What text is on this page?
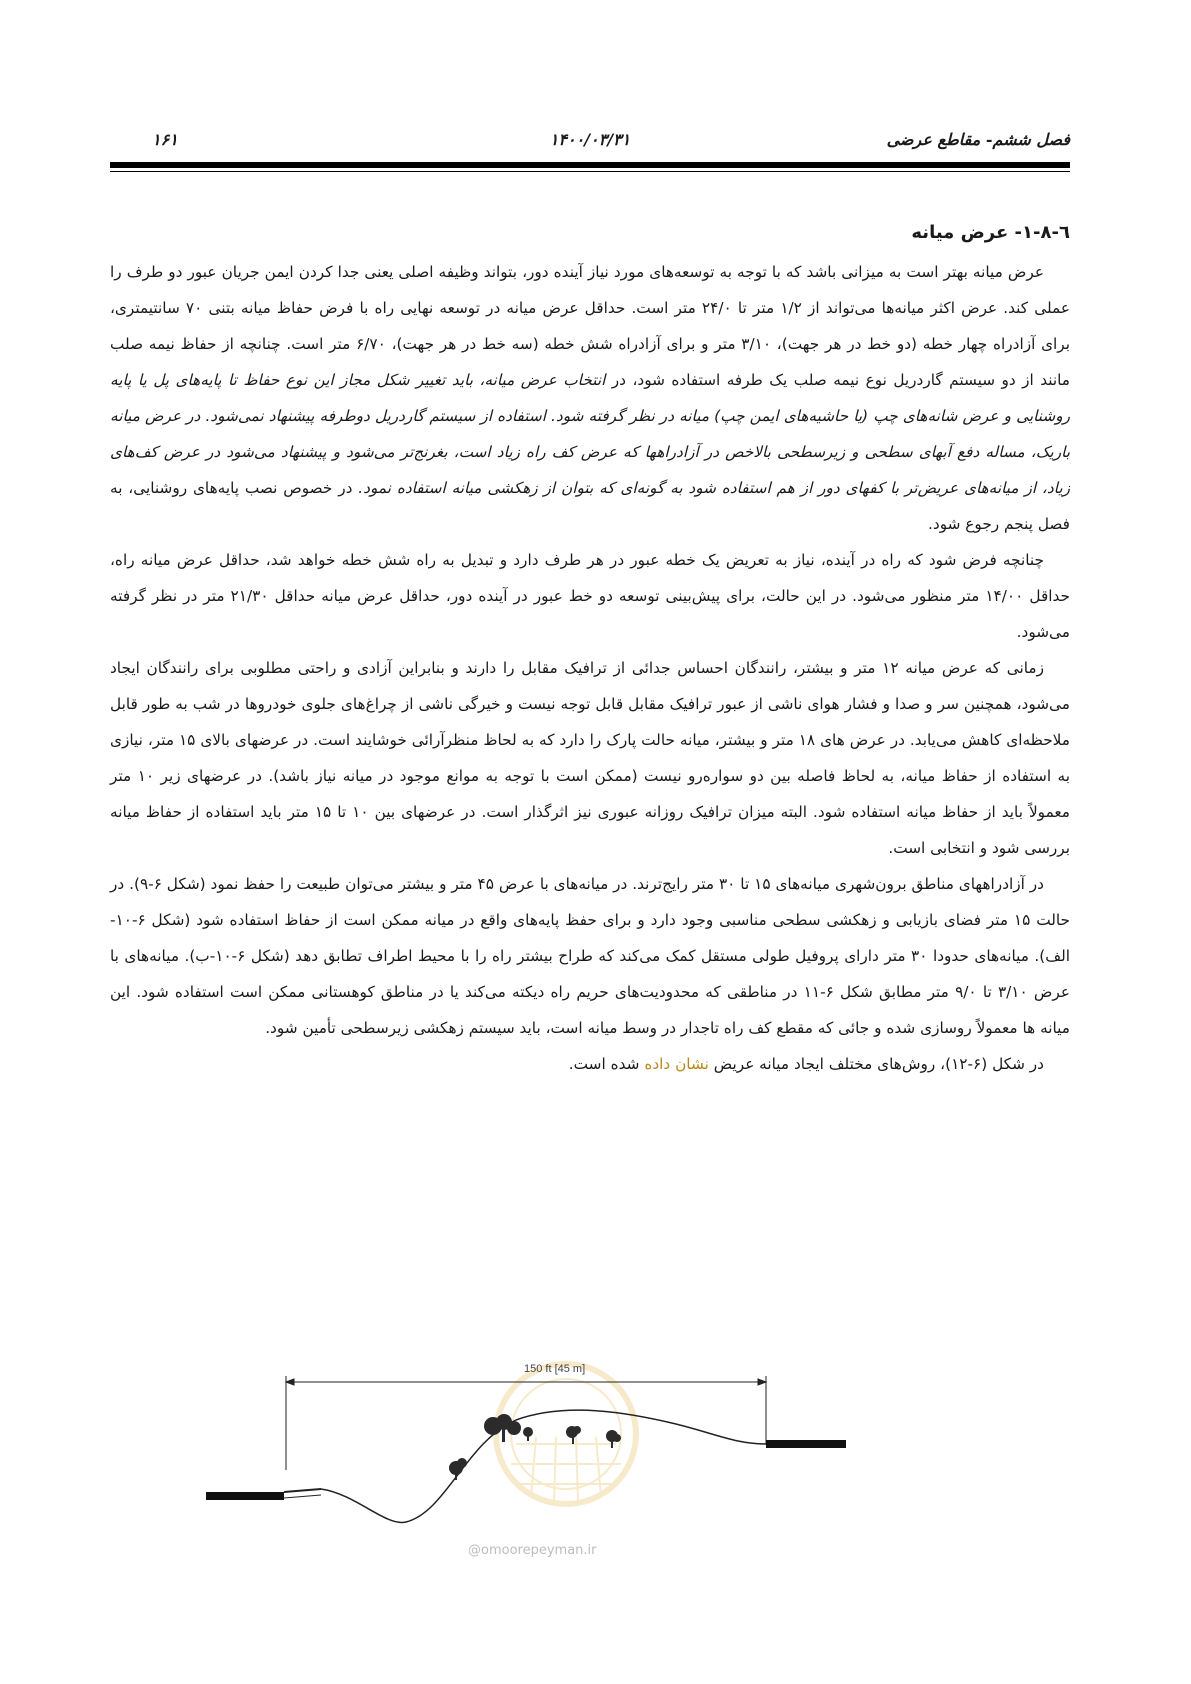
فصل ششم- مقاطع عرضی
۱۴۰۰/۰۳/۳۱
۱۶۱
٦-٨-١- عرض میانه

عرض میانه بهتر است به میزانی باشد که با توجه به توسعه‌های مورد نیاز آینده دور، بتواند وظیفه اصلی یعنی جدا کردن ایمن جریان عبور دو طرف را عملی کند. عرض اکثر میانه‌ها می‌تواند از ۱/۲ متر تا ۲۴/۰ متر است. حداقل عرض میانه در توسعه نهایی راه با فرض حفاظ میانه بتنی ۷۰ سانتیمتری، برای آزادراه چهار خطه (دو خط در هر جهت)، ۳/۱۰ متر و برای آزادراه شش خطه (سه خط در هر جهت)، ۶/۷۰ متر است. چنانچه از حفاظ نیمه صلب مانند از دو سیستم گاردریل نوع نیمه صلب یک طرفه استفاده شود، در انتخاب عرض میانه، باید تغییر شکل مجاز این نوع حفاظ تا پایه‌های پل یا پایه روشنایی و عرض شانه‌های چپ (یا حاشیه‌های ایمن چپ) میانه در نظر گرفته شود. استفاده از سیستم گاردریل دوطرفه پیشنهاد نمی‌شود. در عرض میانه باریک، مساله دفع آبهای سطحی و زیرسطحی بالاخص در آزادراهها که عرض کف راه زیاد است، بغرنج‌تر می‌شود و پیشنهاد می‌شود در عرض کف‌های زیاد، از میانه‌های عریض‌تر با کفهای دور از هم استفاده شود به گونه‌ای که بتوان از زهکشی میانه استفاده نمود. در خصوص نصب پایه‌های روشنایی، به فصل پنجم رجوع شود.

چنانچه فرض شود که راه در آینده، نیاز به تعریض یک خطه عبور در هر طرف دارد و تبدیل به راه شش خطه خواهد شد، حداقل عرض میانه راه، حداقل ۱۴/۰۰ متر منظور می‌شود. در این حالت، برای پیش‌بینی توسعه دو خط عبور در آینده دور، حداقل عرض میانه حداقل ۲۱/۳۰ متر در نظر گرفته می‌شود.

زمانی که عرض میانه ۱۲ متر و بیشتر، رانندگان احساس جدائی از ترافیک مقابل را دارند و بنابراین آزادی و راحتی مطلوبی برای رانندگان ایجاد می‌شود، همچنین سر و صدا و فشار هوای ناشی از عبور ترافیک مقابل قابل توجه نیست و خیرگی ناشی از چراغ‌های جلوی خودروها در شب به طور قابل ملاحظه‌ای کاهش می‌یابد. در عرض های ۱۸ متر و بیشتر، میانه حالت پارک را دارد که به لحاظ منظرآرائی خوشایند است. در عرضهای بالای ۱۵ متر، نیازی به استفاده از حفاظ میانه، به لحاظ فاصله بین دو سواره‌رو نیست (ممکن است با توجه به موانع موجود در میانه نیاز باشد). در عرضهای زیر ۱۰ متر معمولاً باید از حفاظ میانه استفاده شود. البته میزان ترافیک روزانه عبوری نیز اثرگذار است. در عرضهای بین ۱۰ تا ۱۵ متر باید استفاده از حفاظ میانه بررسی شود و انتخابی است.

در آزادراههای مناطق برون‌شهری میانه‌های ۱۵ تا ۳۰ متر رایج‌ترند. در میانه‌های با عرض ۴۵ متر و بیشتر می‌توان طبیعت را حفظ نمود (شکل ۶-۹). در حالت ۱۵ متر فضای بازیابی و زهکشی سطحی مناسبی وجود دارد و برای حفظ پایه‌های واقع در میانه ممکن است از حفاظ استفاده شود (شکل ۶-۱۰- الف). میانه‌های حدودا ۳۰ متر دارای پروفیل طولی مستقل کمک می‌کند که طراح بیشتر راه را با محیط اطراف تطابق دهد (شکل ۶-۱۰-ب). میانه‌های با عرض ۳/۱۰ تا ۹/۰ متر مطابق شکل ۶-۱۱ در مناطقی که محدودیت‌های حریم راه دیکته می‌کند یا در مناطق کوهستانی ممکن است استفاده شود. این میانه ها معمولاً روسازی شده و جائی که مقطع کف راه تاجدار در وسط میانه است، باید سیستم زهکشی زیرسطحی تأمین شود.

در شکل (۶-۱۲)، روش‌های مختلف ایجاد میانه عریض نشان داده شده است.

150 ft [45 m]
@omoorepeyman.ir
